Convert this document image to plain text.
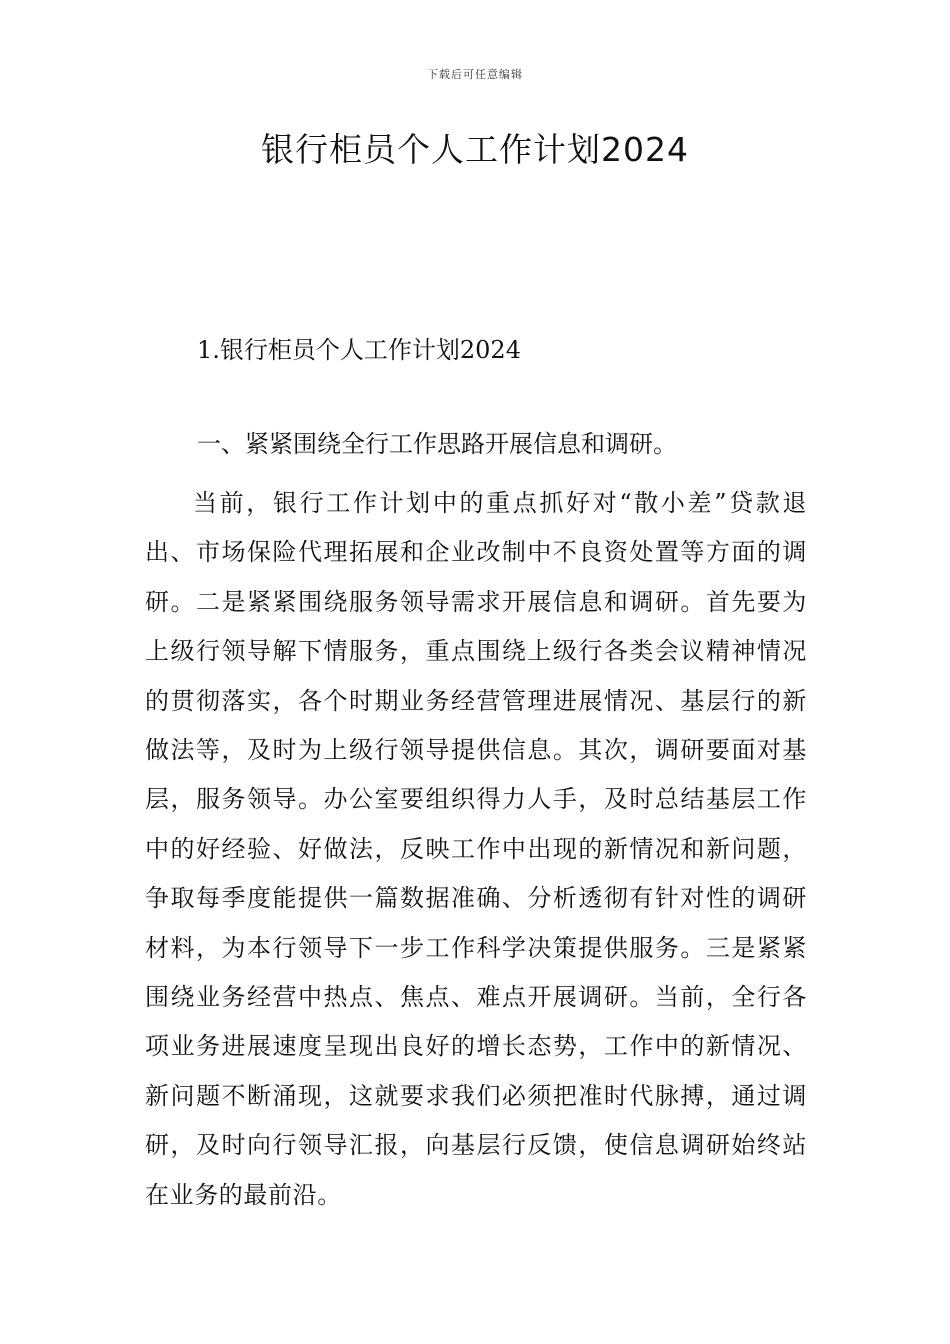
下载后可任意编辑
银行柜员个人工作计划2024
1.银行柜员个人工作计划2024
一、紧紧围绕全行工作思路开展信息和调研。

当前，银行工作计划中的重点抓好对“散小差”贷款退出、市场保险代理拓展和企业改制中不良资处置等方面的调研。二是紧紧围绕服务领导需求开展信息和调研。首先要为上级行领导解下情服务，重点围绕上级行各类会议精神情况的贯彻落实，各个时期业务经营管理进展情况、基层行的新做法等，及时为上级行领导提供信息。其次，调研要面对基层，服务领导。办公室要组织得力人手，及时总结基层工作中的好经验、好做法，反映工作中出现的新情况和新问题，争取每季度能提供一篇数据准确、分析透彻有针对性的调研材料，为本行领导下一步工作科学决策提供服务。三是紧紧围绕业务经营中热点、焦点、难点开展调研。当前，全行各项业务进展速度呈现出良好的增长态势，工作中的新情况、新问题不断涌现，这就要求我们必须把准时代脉搏，通过调研，及时向行领导汇报，向基层行反馈，使信息调研始终站在业务的最前沿。
